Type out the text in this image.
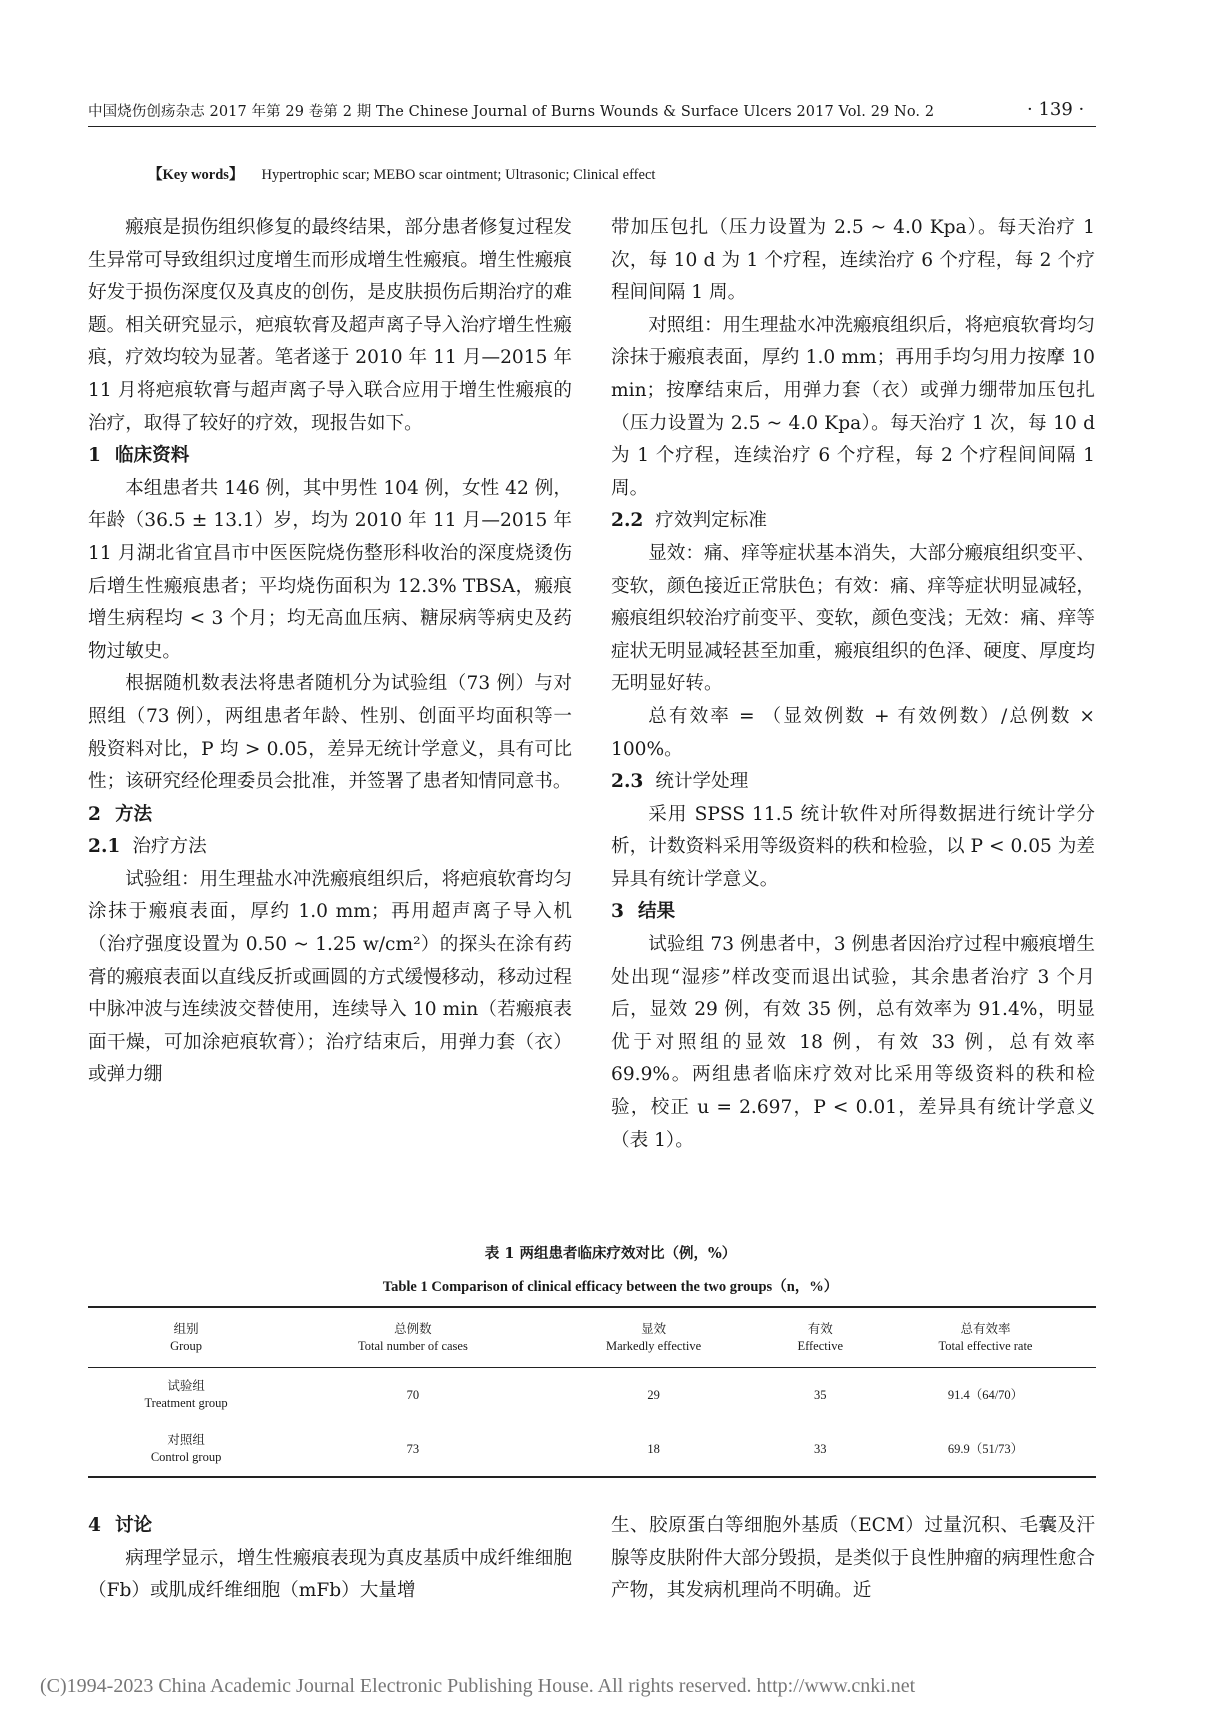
中国烧伤创疡杂志 2017 年第 29 卷第 2 期 The Chinese Journal of Burns Wounds & Surface Ulcers 2017 Vol. 29 No. 2	· 139 ·
【Key words】 Hypertrophic scar; MEBO scar ointment; Ultrasonic; Clinical effect

瘢痕是损伤组织修复的最终结果，部分患者修复过程发生异常可导致组织过度增生而形成增生性瘢痕。增生性瘢痕好发于损伤深度仅及真皮的创伤，是皮肤损伤后期治疗的难题。相关研究显示，疤痕软膏及超声离子导入治疗增生性瘢痕，疗效均较为显著。笔者遂于 2010 年 11 月—2015 年 11 月将疤痕软膏与超声离子导入联合应用于增生性瘢痕的治疗，取得了较好的疗效，现报告如下。

1 临床资料

本组患者共 146 例，其中男性 104 例，女性 42 例，年龄（36.5 ± 13.1）岁，均为 2010 年 11 月—2015 年 11 月湖北省宜昌市中医医院烧伤整形科收治的深度烧烫伤后增生性瘢痕患者；平均烧伤面积为 12.3% TBSA，瘢痕增生病程均 < 3 个月；均无高血压病、糖尿病等病史及药物过敏史。

根据随机数表法将患者随机分为试验组（73 例）与对照组（73 例），两组患者年龄、性别、创面平均面积等一般资料对比，P 均 > 0.05，差异无统计学意义，具有可比性；该研究经伦理委员会批准，并签署了患者知情同意书。

2 方法
2.1 治疗方法

试验组：用生理盐水冲洗瘢痕组织后，将疤痕软膏均匀涂抹于瘢痕表面，厚约 1.0 mm；再用超声离子导入机（治疗强度设置为 0.50 ~ 1.25 w/cm²）的探头在涂有药膏的瘢痕表面以直线反折或画圆的方式缓慢移动，移动过程中脉冲波与连续波交替使用，连续导入 10 min（若瘢痕表面干燥，可加涂疤痕软膏）；治疗结束后，用弹力套（衣）或弹力绷

带加压包扎（压力设置为 2.5 ~ 4.0 Kpa）。每天治疗 1 次，每 10 d 为 1 个疗程，连续治疗 6 个疗程，每 2 个疗程间间隔 1 周。

对照组：用生理盐水冲洗瘢痕组织后，将疤痕软膏均匀涂抹于瘢痕表面，厚约 1.0 mm；再用手均匀用力按摩 10 min；按摩结束后，用弹力套（衣）或弹力绷带加压包扎（压力设置为 2.5 ~ 4.0 Kpa）。每天治疗 1 次，每 10 d 为 1 个疗程，连续治疗 6 个疗程，每 2 个疗程间间隔 1 周。

2.2 疗效判定标准

显效：痛、痒等症状基本消失，大部分瘢痕组织变平、变软，颜色接近正常肤色；有效：痛、痒等症状明显减轻，瘢痕组织较治疗前变平、变软，颜色变浅；无效：痛、痒等症状无明显减轻甚至加重，瘢痕组织的色泽、硬度、厚度均无明显好转。

总有效率 = （显效例数 + 有效例数）/总例数 × 100%。

2.3 统计学处理

采用 SPSS 11.5 统计软件对所得数据进行统计学分析，计数资料采用等级资料的秩和检验，以 P < 0.05 为差异具有统计学意义。

3 结果

试验组 73 例患者中，3 例患者因治疗过程中瘢痕增生处出现“湿疹”样改变而退出试验，其余患者治疗 3 个月后，显效 29 例，有效 35 例，总有效率为 91.4%，明显优于对照组的显效 18 例，有效 33 例，总有效率 69.9%。两组患者临床疗效对比采用等级资料的秩和检验，校正 u = 2.697，P < 0.01，差异具有统计学意义（表 1）。

表 1 两组患者临床疗效对比（例，%）
Table 1 Comparison of clinical efficacy between the two groups（n，%）
组别
Group	总例数
Total number of cases	显效
Markedly effective	有效
Effective	总有效率
Total effective rate
试验组
Treatment group	70	29	35	91.4（64/70）
对照组
Control group	73	18	33	69.9（51/73）
4 讨论

病理学显示，增生性瘢痕表现为真皮基质中成纤维细胞（Fb）或肌成纤维细胞（mFb）大量增

生、胶原蛋白等细胞外基质（ECM）过量沉积、毛囊及汗腺等皮肤附件大部分毁损，是类似于良性肿瘤的病理性愈合产物，其发病机理尚不明确。近

(C)1994-2023 China Academic Journal Electronic Publishing House. All rights reserved. http://www.cnki.net
